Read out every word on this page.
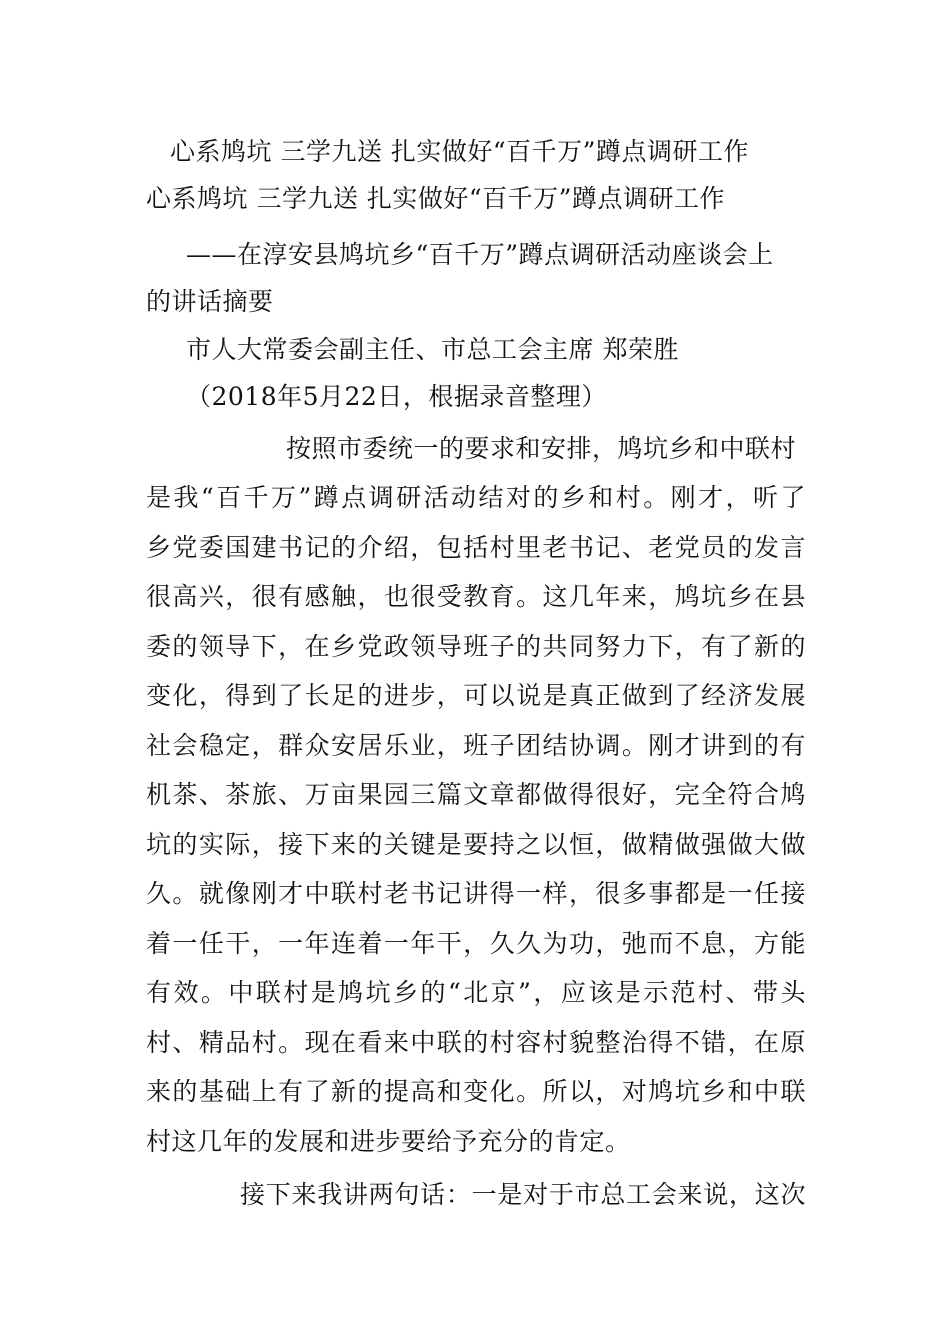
心系鸠坑 三学九送 扎实做好“百千万”蹲点调研工作
心系鸠坑 三学九送 扎实做好“百千万”蹲点调研工作
——在淳安县鸠坑乡“百千万”蹲点调研活动座谈会上
的讲话摘要
市人大常委会副主任、市总工会主席 郑荣胜
（2018年5月22日，根据录音整理）
按照市委统一的要求和安排，鸠坑乡和中联村
是我“百千万”蹲点调研活动结对的乡和村。刚才，听了
乡党委国建书记的介绍，包括村里老书记、老党员的发言
很高兴，很有感触，也很受教育。这几年来，鸠坑乡在县
委的领导下，在乡党政领导班子的共同努力下，有了新的
变化，得到了长足的进步，可以说是真正做到了经济发展
社会稳定，群众安居乐业，班子团结协调。刚才讲到的有
机茶、茶旅、万亩果园三篇文章都做得很好，完全符合鸠
坑的实际，接下来的关键是要持之以恒，做精做强做大做
久。就像刚才中联村老书记讲得一样，很多事都是一任接
着一任干，一年连着一年干，久久为功，弛而不息，方能
有效。中联村是鸠坑乡的“北京”，应该是示范村、带头
村、精品村。现在看来中联的村容村貌整治得不错，在原
来的基础上有了新的提高和变化。所以，对鸠坑乡和中联
村这几年的发展和进步要给予充分的肯定。
接下来我讲两句话：一是对于市总工会来说，这次
